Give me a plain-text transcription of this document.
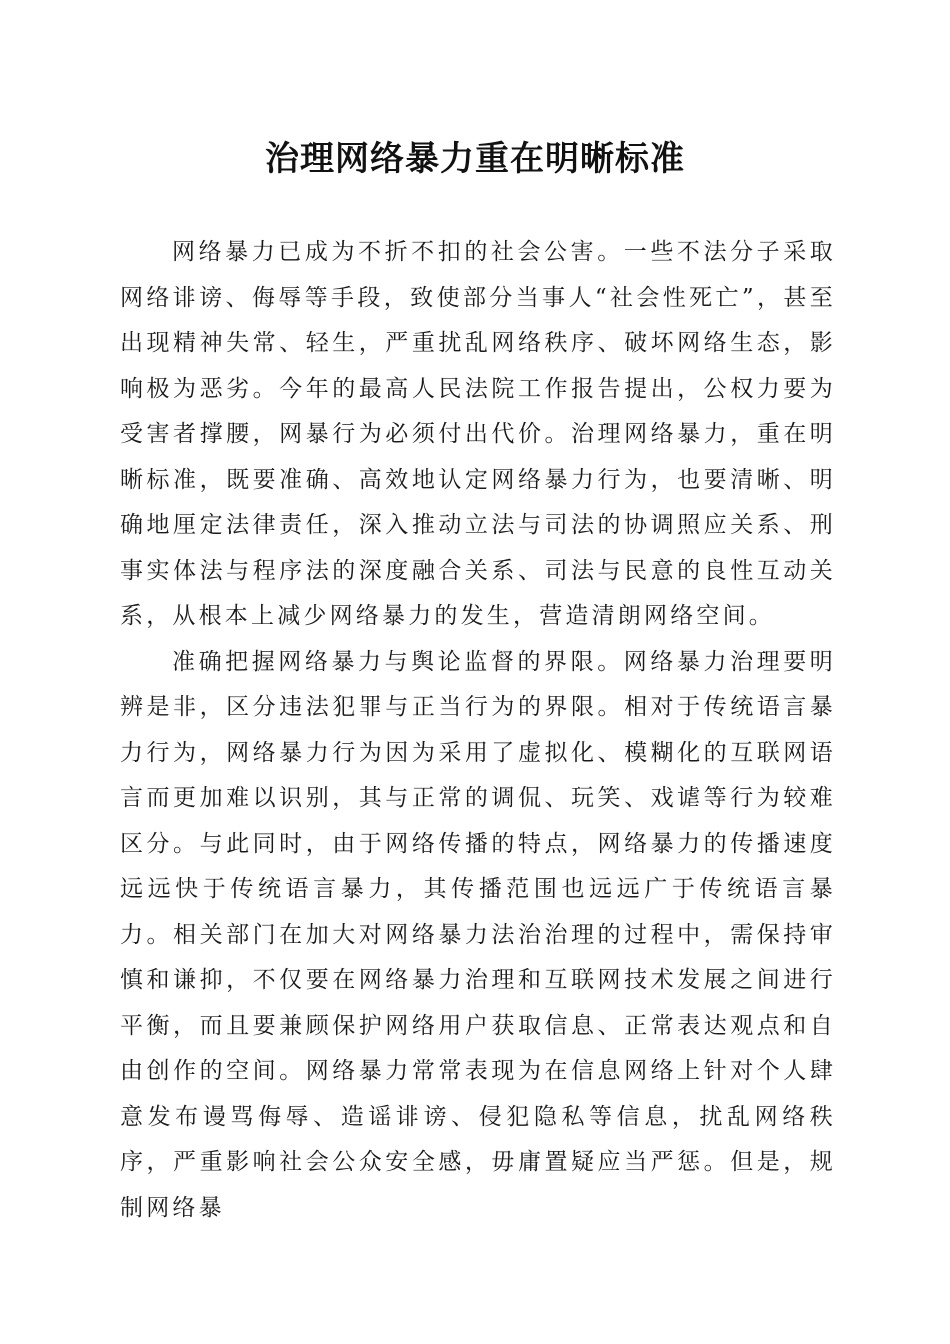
治理网络暴力重在明晰标准

网络暴力已成为不折不扣的社会公害。一些不法分子采取网络诽谤、侮辱等手段，致使部分当事人“社会性死亡”，甚至出现精神失常、轻生，严重扰乱网络秩序、破坏网络生态，影响极为恶劣。今年的最高人民法院工作报告提出，公权力要为受害者撑腰，网暴行为必须付出代价。治理网络暴力，重在明晰标准，既要准确、高效地认定网络暴力行为，也要清晰、明确地厘定法律责任，深入推动立法与司法的协调照应关系、刑事实体法与程序法的深度融合关系、司法与民意的良性互动关系，从根本上减少网络暴力的发生，营造清朗网络空间。

准确把握网络暴力与舆论监督的界限。网络暴力治理要明辨是非，区分违法犯罪与正当行为的界限。相对于传统语言暴力行为，网络暴力行为因为采用了虚拟化、模糊化的互联网语言而更加难以识别，其与正常的调侃、玩笑、戏谑等行为较难区分。与此同时，由于网络传播的特点，网络暴力的传播速度远远快于传统语言暴力，其传播范围也远远广于传统语言暴力。相关部门在加大对网络暴力法治治理的过程中，需保持审慎和谦抑，不仅要在网络暴力治理和互联网技术发展之间进行平衡，而且要兼顾保护网络用户获取信息、正常表达观点和自由创作的空间。网络暴力常常表现为在信息网络上针对个人肆意发布谩骂侮辱、造谣诽谤、侵犯隐私等信息，扰乱网络秩序，严重影响社会公众安全感，毋庸置疑应当严惩。但是，规制网络暴
